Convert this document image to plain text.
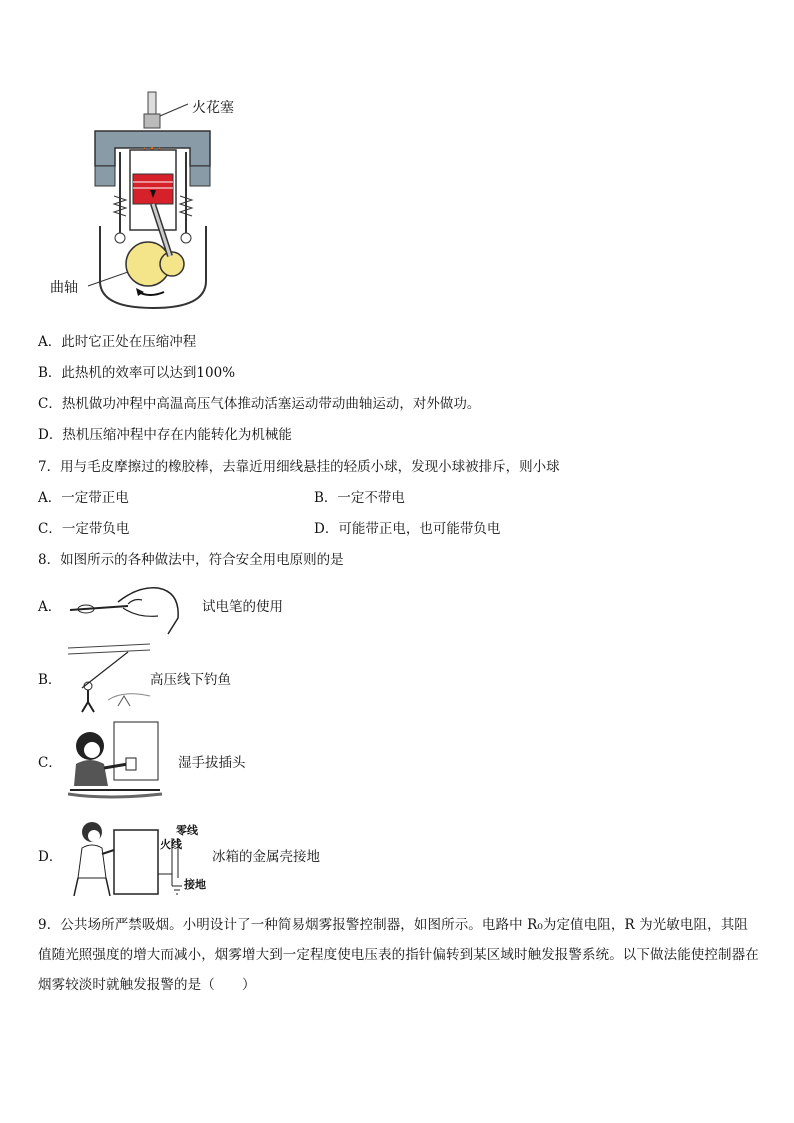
火花塞
曲轴
A．此时它正处在压缩冲程
B．此热机的效率可以达到100%
C．热机做功冲程中高温高压气体推动活塞运动带动曲轴运动，对外做功。
D．热机压缩冲程中存在内能转化为机械能
7．用与毛皮摩擦过的橡胶棒，去靠近用细线悬挂的轻质小球，发现小球被排斥，则小球
A．一定带正电	B．一定不带电
C．一定带负电	D．可能带正电，也可能带负电
8．如图所示的各种做法中，符合安全用电原则的是
A．	试电笔的使用
B．	高压线下钓鱼
C．	湿手拔插头
D．
零线
火线
接地
冰箱的金属壳接地
9．公共场所严禁吸烟。小明设计了一种简易烟雾报警控制器，如图所示。电路中 R₀为定值电阻，R 为光敏电阻，其阻值随光照强度的增大而减小，烟雾增大到一定程度使电压表的指针偏转到某区域时触发报警系统。以下做法能使控制器在烟雾较淡时就触发报警的是（　　）
